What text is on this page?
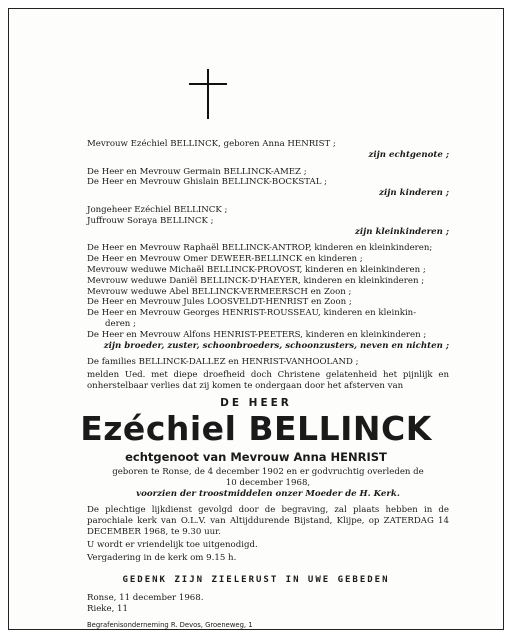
Mevrouw Ezéchiel BELLINCK, geboren Anna HENRIST ;
zijn echtgenote ;
De Heer en Mevrouw Germain BELLINCK-AMEZ ;
De Heer en Mevrouw Ghislain BELLINCK-BOCKSTAL ;
zijn kinderen ;
Jongeheer Ezéchiel BELLINCK ;
Juffrouw Soraya BELLINCK ;
zijn kleinkinderen ;
De Heer en Mevrouw Raphaël BELLINCK-ANTROP, kinderen en kleinkinderen;
De Heer en Mevrouw Omer DEWEER-BELLINCK en kinderen ;
Mevrouw weduwe Michaël BELLINCK-PROVOST, kinderen en kleinkinderen ;
Mevrouw weduwe Daniël BELLINCK-D'HAEYER, kinderen en kleinkinderen ;
Mevrouw weduwe Abel BELLINCK-VERMEERSCH en Zoon ;
De Heer en Mevrouw Jules LOOSVELDT-HENRIST en Zoon ;
De Heer en Mevrouw Georges HENRIST-ROUSSEAU, kinderen en kleinkin-
deren ;
De Heer en Mevrouw Alfons HENRIST-PEETERS, kinderen en kleinkinderen ;
zijn broeder, zuster, schoonbroeders, schoonzusters, neven en nichten ;
De families BELLINCK-DALLEZ en HENRIST-VANHOOLAND ;
melden Ued. met diepe droefheid doch Christene gelatenheid het pijnlijk en onherstelbaar verlies dat zij komen te ondergaan door het afsterven van
DE HEER
Ezéchiel BELLINCK
echtgenoot van Mevrouw Anna HENRIST
geboren te Ronse, de 4 december 1902 en er godvruchtig overleden de 10 december 1968,
voorzien der troostmiddelen onzer Moeder de H. Kerk.
De plechtige lijkdienst gevolgd door de begraving, zal plaats hebben in de parochiale kerk van O.L.V. van Altijddurende Bijstand, Klijpe, op ZATERDAG 14 DECEMBER 1968, te 9.30 uur.
U wordt er vriendelijk toe uitgenodigd.
Vergadering in de kerk om 9.15 h.
GEDENK ZIJN ZIELERUST IN UWE GEBEDEN
Ronse, 11 december 1968.
Rieke, 11
Begrafenisonderneming R. Devos, Groeneweg, 1
